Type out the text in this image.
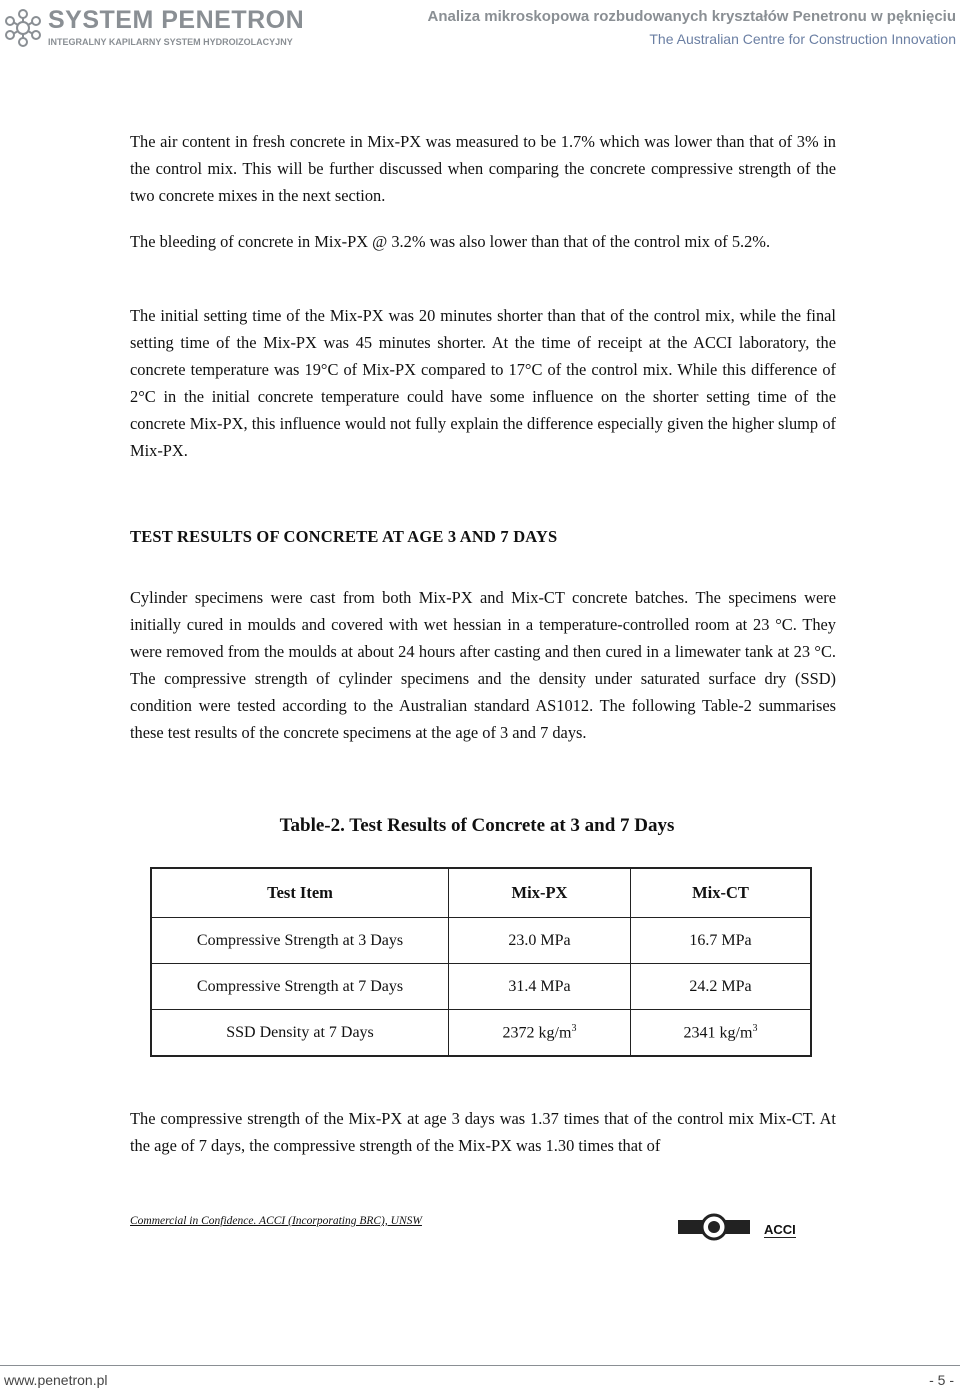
SYSTEM PENETRON
INTEGRALNY KAPILARNY SYSTEM HYDROIZOLACYJNY
Analiza mikroskopowa rozbudowanych kryształów Penetronu w pęknięciu
The Australian Centre for Construction Innovation

The air content in fresh concrete in Mix-PX was measured to be 1.7% which was lower than that of 3% in the control mix. This will be further discussed when comparing the concrete compressive strength of the two concrete mixes in the next section.

The bleeding of concrete in Mix-PX @ 3.2% was also lower than that of the control mix of 5.2%.

The initial setting time of the Mix-PX was 20 minutes shorter than that of the control mix, while the final setting time of the Mix-PX was 45 minutes shorter. At the time of receipt at the ACCI laboratory, the concrete temperature was 19°C of Mix-PX compared to 17°C of the control mix. While this difference of 2°C in the initial concrete temperature could have some influence on the shorter setting time of the concrete Mix-PX, this influence would not fully explain the difference especially given the higher slump of Mix-PX.

TEST RESULTS OF CONCRETE AT AGE 3 AND 7 DAYS

Cylinder specimens were cast from both Mix-PX and Mix-CT concrete batches. The specimens were initially cured in moulds and covered with wet hessian in a temperature-controlled room at 23 °C. They were removed from the moulds at about 24 hours after casting and then cured in a limewater tank at 23 °C. The compressive strength of cylinder specimens and the density under saturated surface dry (SSD) condition were tested according to the Australian standard AS1012. The following Table-2 summarises these test results of the concrete specimens at the age of 3 and 7 days.

Table-2. Test Results of Concrete at 3 and 7 Days
Test Item	Mix-PX	Mix-CT
Compressive Strength at 3 Days	23.0 MPa	16.7 MPa
Compressive Strength at 7 Days	31.4 MPa	24.2 MPa
SSD Density at 7 Days	2372 $kg/m^3$	2341 $kg/m^3$

The compressive strength of the Mix-PX at age 3 days was 1.37 times that of the control mix Mix-CT. At the age of 7 days, the compressive strength of the Mix-PX was 1.30 times that of

Commercial in Confidence. ACCI (Incorporating BRC), UNSW
ACCI
www.penetron.pl	- 5 -
